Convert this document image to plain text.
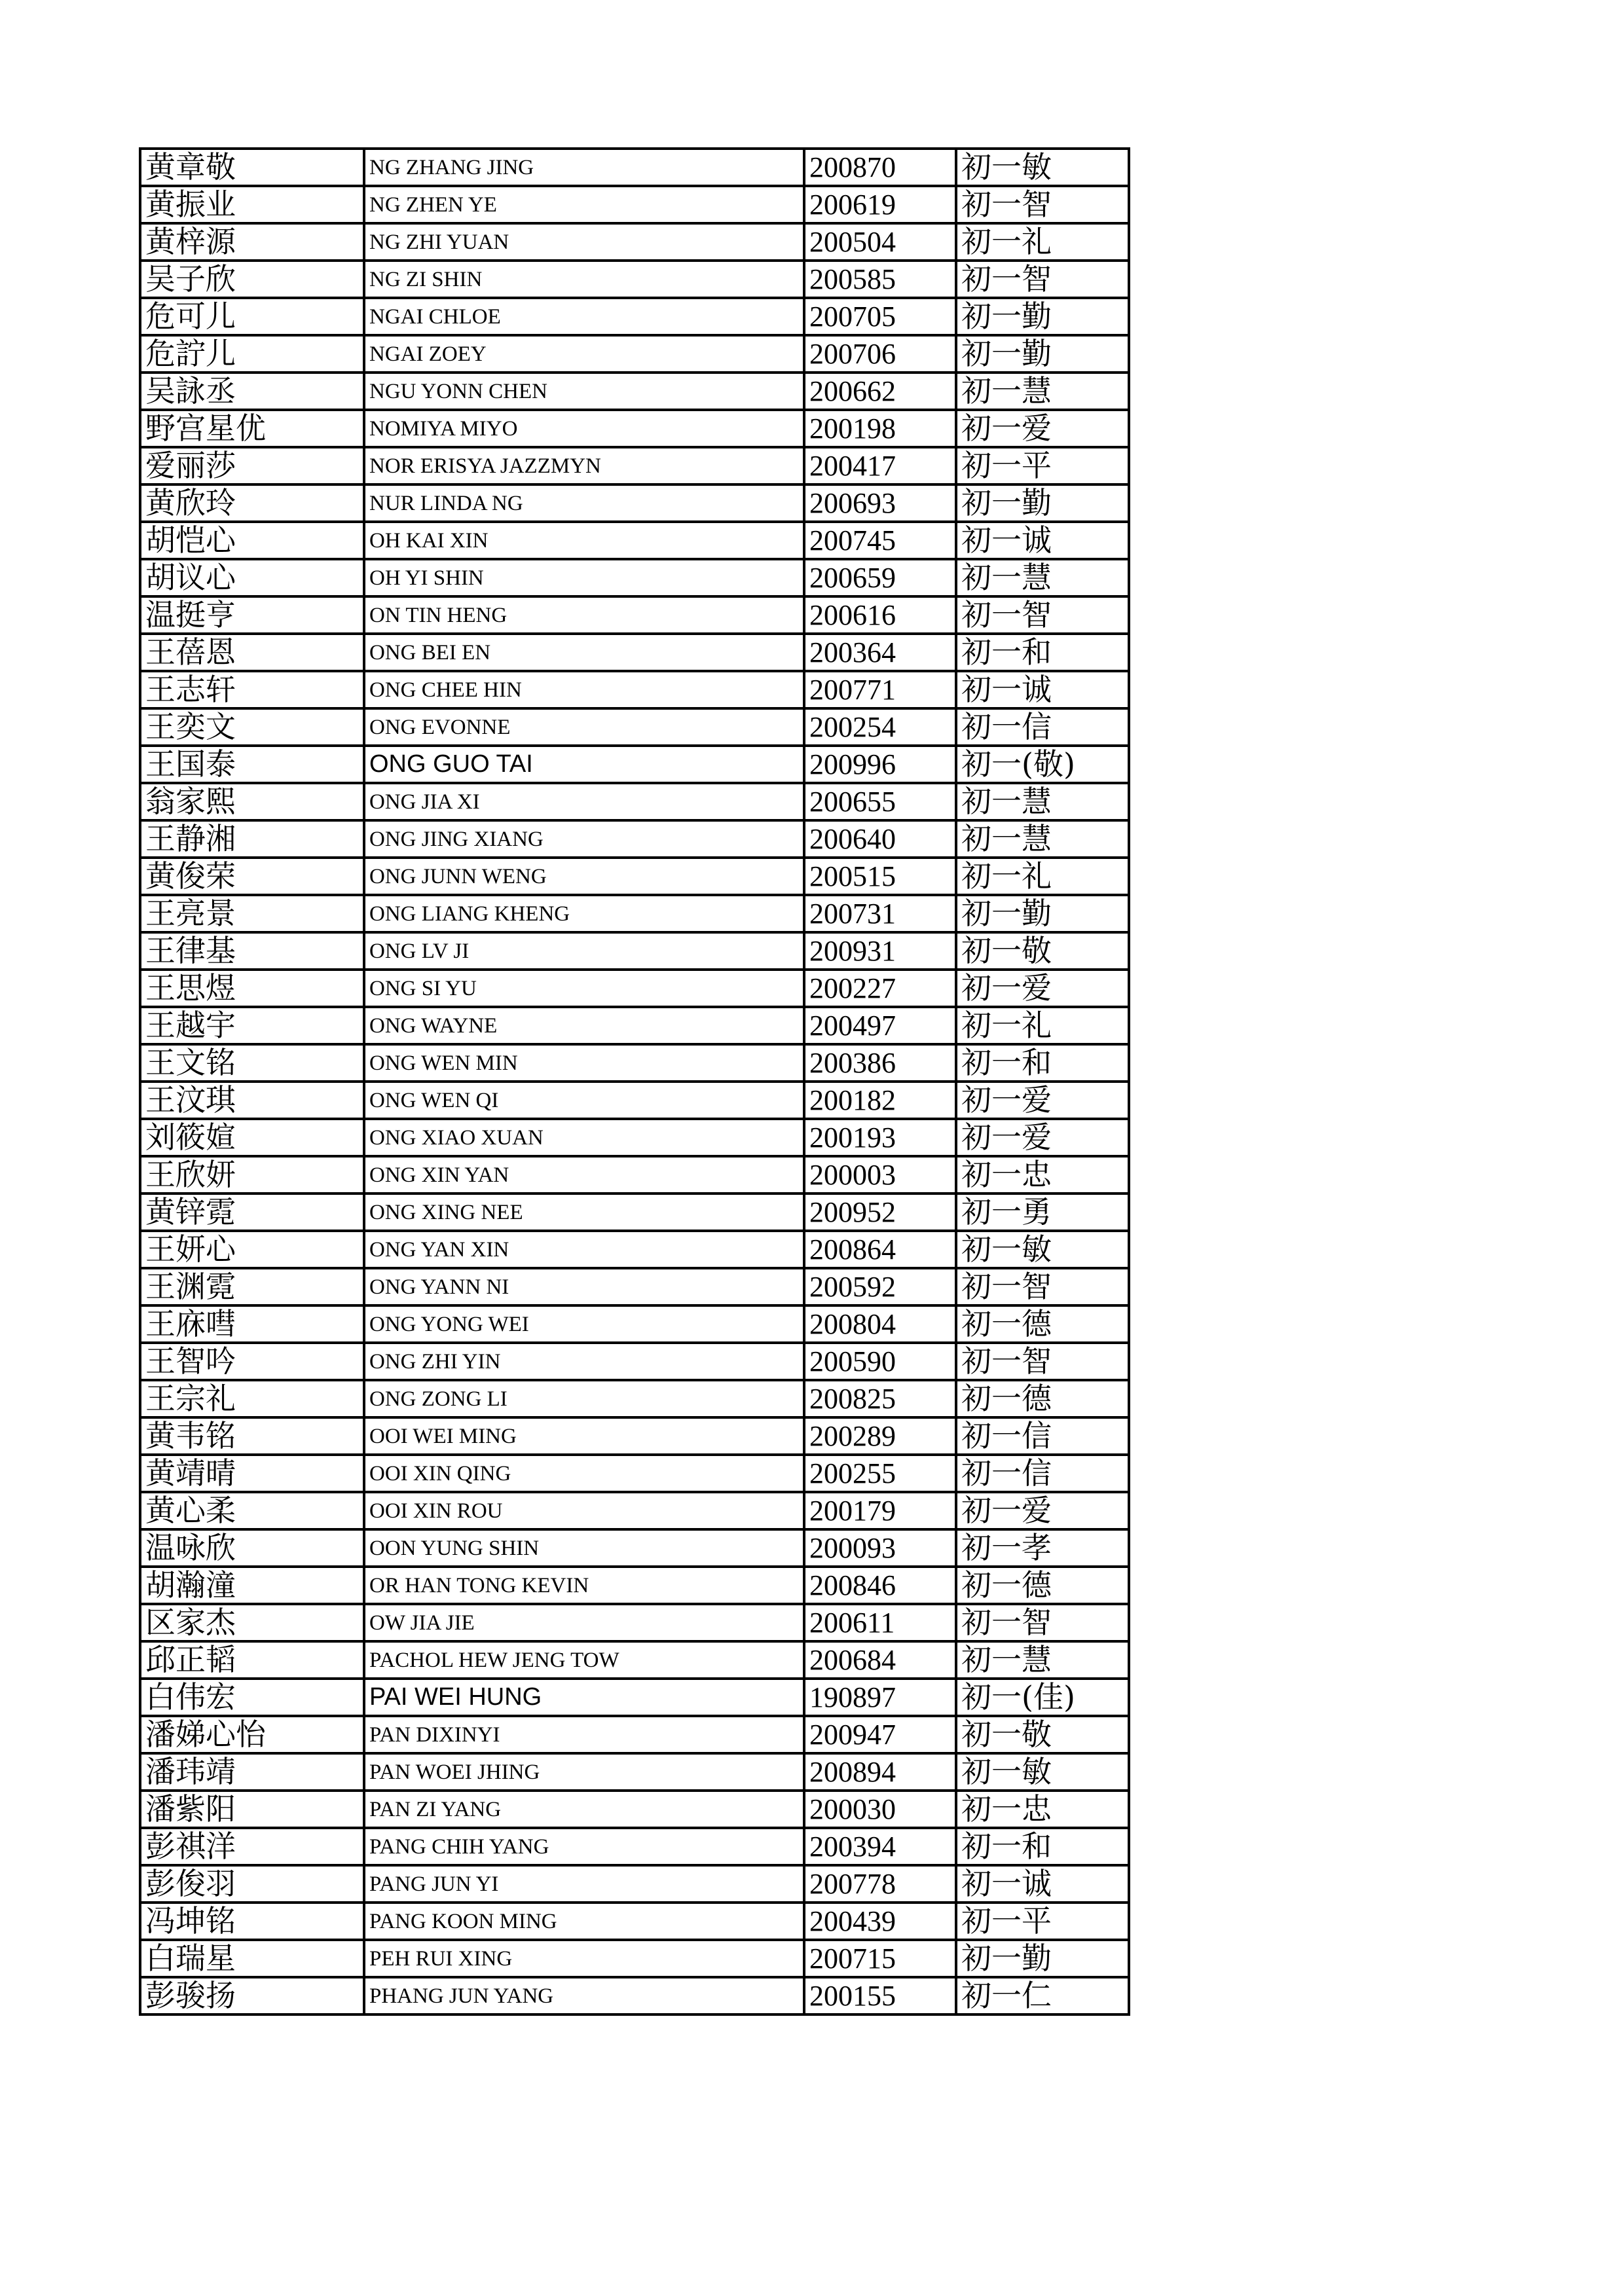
黄章敬	NG ZHANG JING	200870	初一敏
黄振业	NG ZHEN YE	200619	初一智
黄梓源	NG ZHI YUAN	200504	初一礼
吴子欣	NG ZI SHIN	200585	初一智
危可儿	NGAI CHLOE	200705	初一勤
危詝儿	NGAI ZOEY	200706	初一勤
吴詠丞	NGU YONN CHEN	200662	初一慧
野宫星优	NOMIYA MIYO	200198	初一爱
爱丽莎	NOR ERISYA JAZZMYN	200417	初一平
黄欣玲	NUR LINDA NG	200693	初一勤
胡恺心	OH KAI XIN	200745	初一诚
胡议心	OH YI SHIN	200659	初一慧
温挺亨	ON TIN HENG	200616	初一智
王蓓恩	ONG BEI EN	200364	初一和
王志轩	ONG CHEE HIN	200771	初一诚
王奕文	ONG EVONNE	200254	初一信
王国泰	ONG GUO TAI	200996	初一(敬)
翁家熙	ONG JIA XI	200655	初一慧
王静湘	ONG JING XIANG	200640	初一慧
黄俊荣	ONG JUNN WENG	200515	初一礼
王亮景	ONG LIANG KHENG	200731	初一勤
王律基	ONG LV JI	200931	初一敬
王思煜	ONG SI YU	200227	初一爱
王越宇	ONG WAYNE	200497	初一礼
王文铭	ONG WEN MIN	200386	初一和
王汶琪	ONG WEN QI	200182	初一爱
刘筱媗	ONG XIAO XUAN	200193	初一爱
王欣妍	ONG XIN YAN	200003	初一忠
黄锌霓	ONG XING NEE	200952	初一勇
王妍心	ONG YAN XIN	200864	初一敏
王渊霓	ONG YANN NI	200592	初一智
王庥嘒	ONG YONG WEI	200804	初一德
王智吟	ONG ZHI YIN	200590	初一智
王宗礼	ONG ZONG LI	200825	初一德
黄韦铭	OOI WEI MING	200289	初一信
黄靖晴	OOI XIN QING	200255	初一信
黄心柔	OOI XIN ROU	200179	初一爱
温咏欣	OON YUNG SHIN	200093	初一孝
胡瀚潼	OR HAN TONG KEVIN	200846	初一德
区家杰	OW JIA JIE	200611	初一智
邱正韬	PACHOL HEW JENG TOW	200684	初一慧
白伟宏	PAI WEI HUNG	190897	初一(佳)
潘娣心怡	PAN DIXINYI	200947	初一敬
潘玮靖	PAN WOEI JHING	200894	初一敏
潘紫阳	PAN ZI YANG	200030	初一忠
彭祺洋	PANG CHIH YANG	200394	初一和
彭俊羽	PANG JUN YI	200778	初一诚
冯坤铭	PANG KOON MING	200439	初一平
白瑞星	PEH RUI XING	200715	初一勤
彭骏扬	PHANG JUN YANG	200155	初一仁
